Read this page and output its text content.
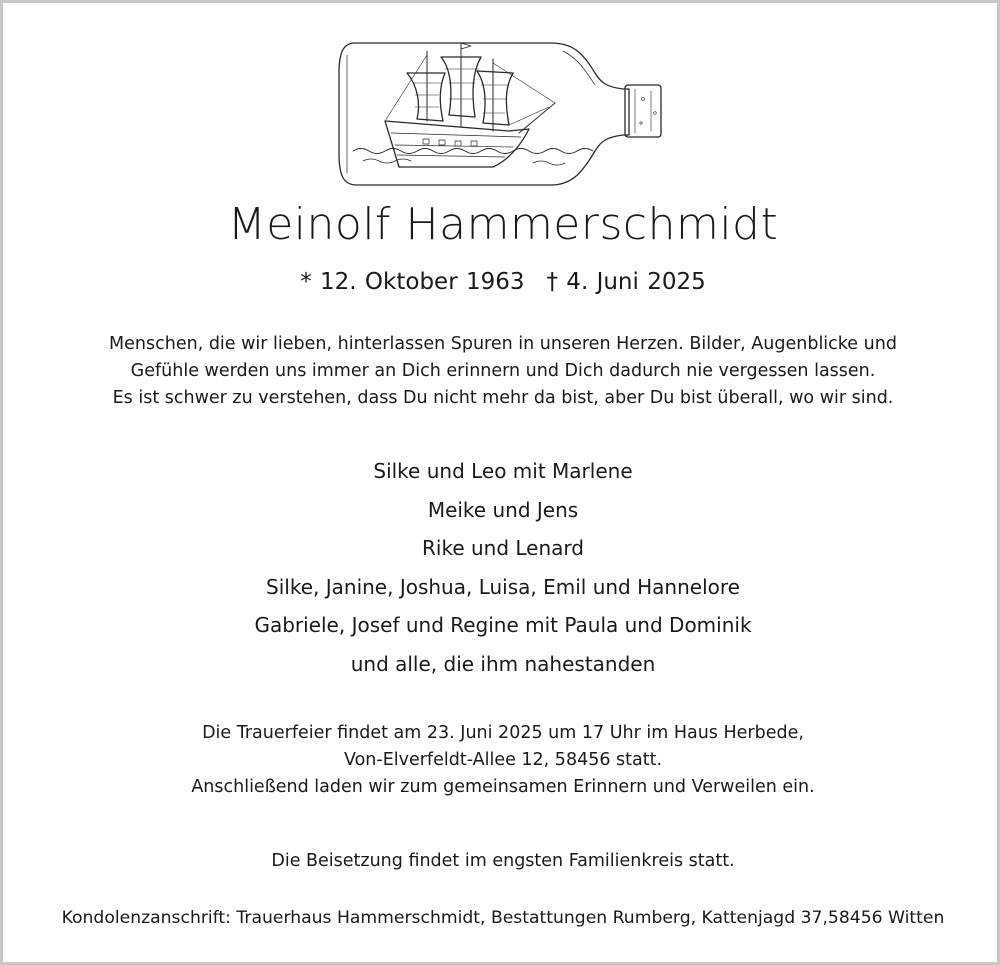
Meinolf Hammerschmidt
* 12. Oktober 1963 † 4. Juni 2025
Menschen, die wir lieben, hinterlassen Spuren in unseren Herzen. Bilder, Augenblicke und
Gefühle werden uns immer an Dich erinnern und Dich dadurch nie vergessen lassen.
Es ist schwer zu verstehen, dass Du nicht mehr da bist, aber Du bist überall, wo wir sind.
Silke und Leo mit Marlene
Meike und Jens
Rike und Lenard
Silke, Janine, Joshua, Luisa, Emil und Hannelore
Gabriele, Josef und Regine mit Paula und Dominik
und alle, die ihm nahestanden
Die Trauerfeier findet am 23. Juni 2025 um 17 Uhr im Haus Herbede,
Von-Elverfeldt-Allee 12, 58456 statt.
Anschließend laden wir zum gemeinsamen Erinnern und Verweilen ein.
Die Beisetzung findet im engsten Familienkreis statt.
Kondolenzanschrift: Trauerhaus Hammerschmidt, Bestattungen Rumberg, Kattenjagd 37,58456 Witten
